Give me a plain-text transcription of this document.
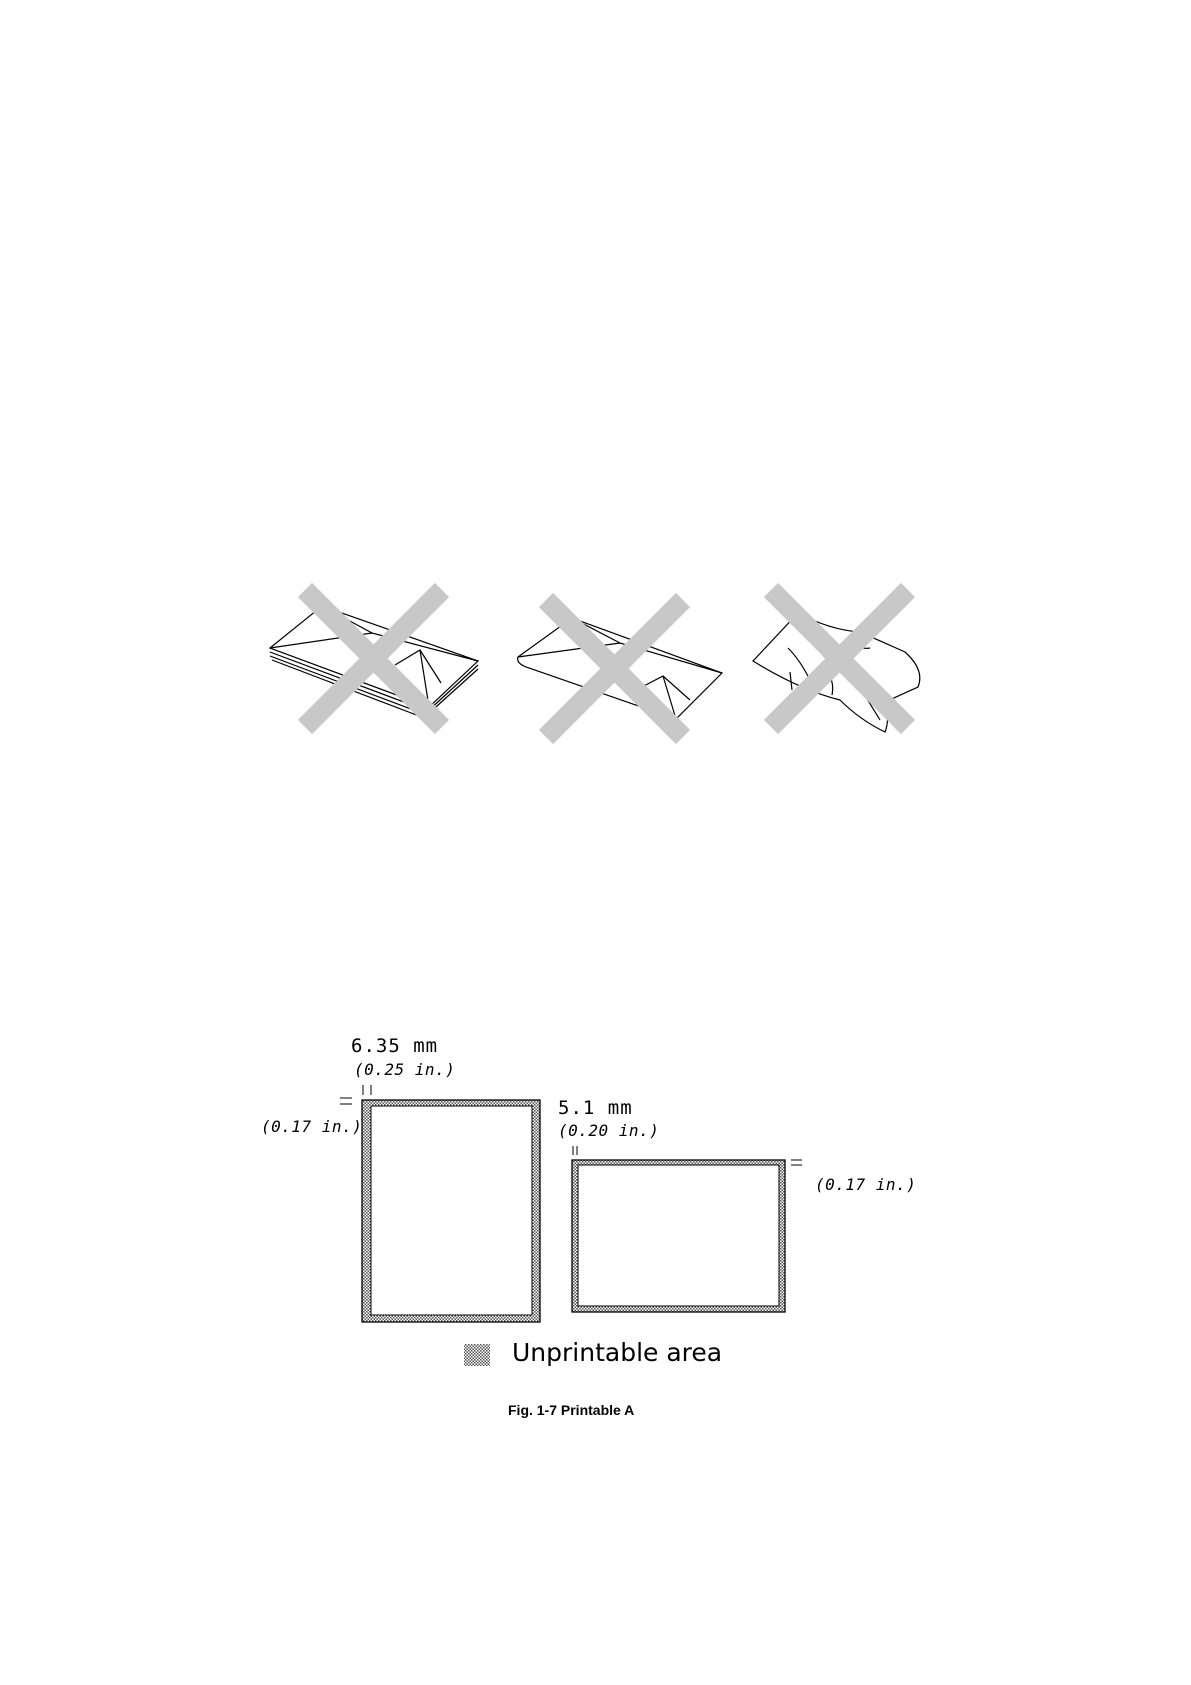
6.35 mm
(0.25 in.)
(0.17 in.)
5.1 mm
(0.20 in.)
(0.17 in.)
Unprintable area
Fig. 1-7 Printable A
